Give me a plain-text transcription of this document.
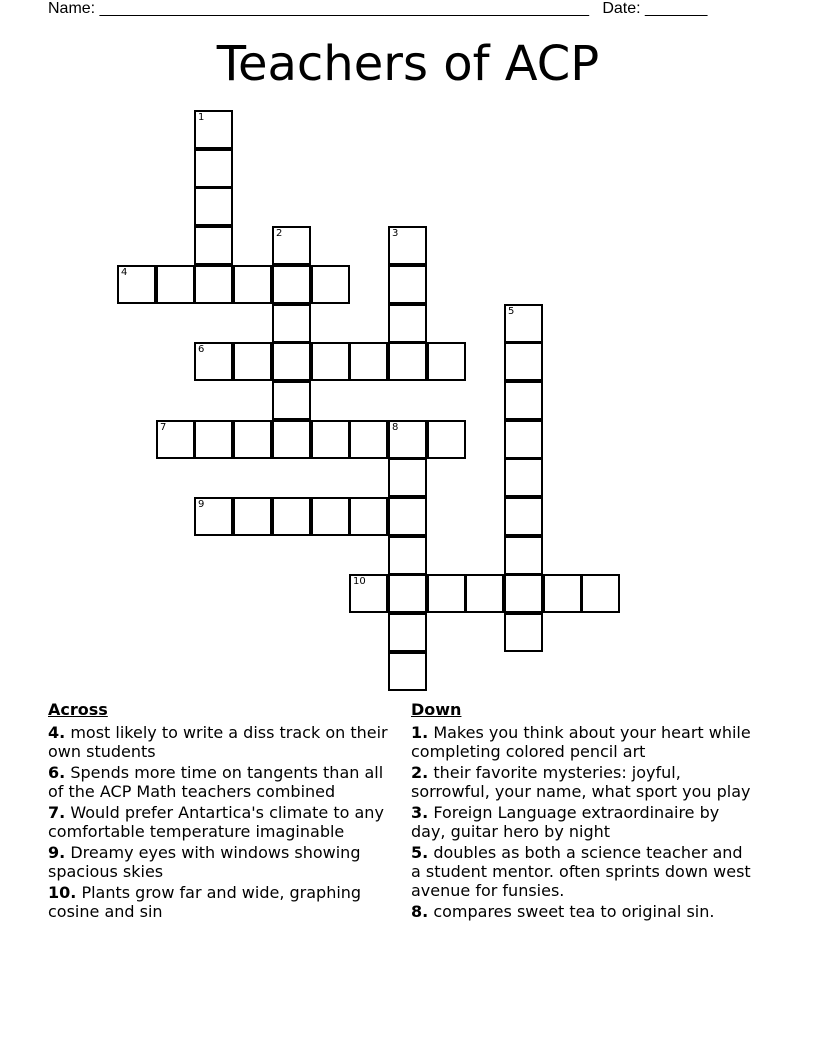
Name: _______________________________________________________ Date: _______
Teachers of ACP
1
2	3
4
5
6
7	8
9
10
Across
4. most likely to write a diss track on their own students
6. Spends more time on tangents than all of the ACP Math teachers combined
7. Would prefer Antartica's climate to any comfortable temperature imaginable
9. Dreamy eyes with windows showing spacious skies
10. Plants grow far and wide, graphing cosine and sin
Down
1. Makes you think about your heart while completing colored pencil art
2. their favorite mysteries: joyful, sorrowful, your name, what sport you play
3. Foreign Language extraordinaire by day, guitar hero by night
5. doubles as both a science teacher and a student mentor. often sprints down west avenue for funsies.
8. compares sweet tea to original sin.
